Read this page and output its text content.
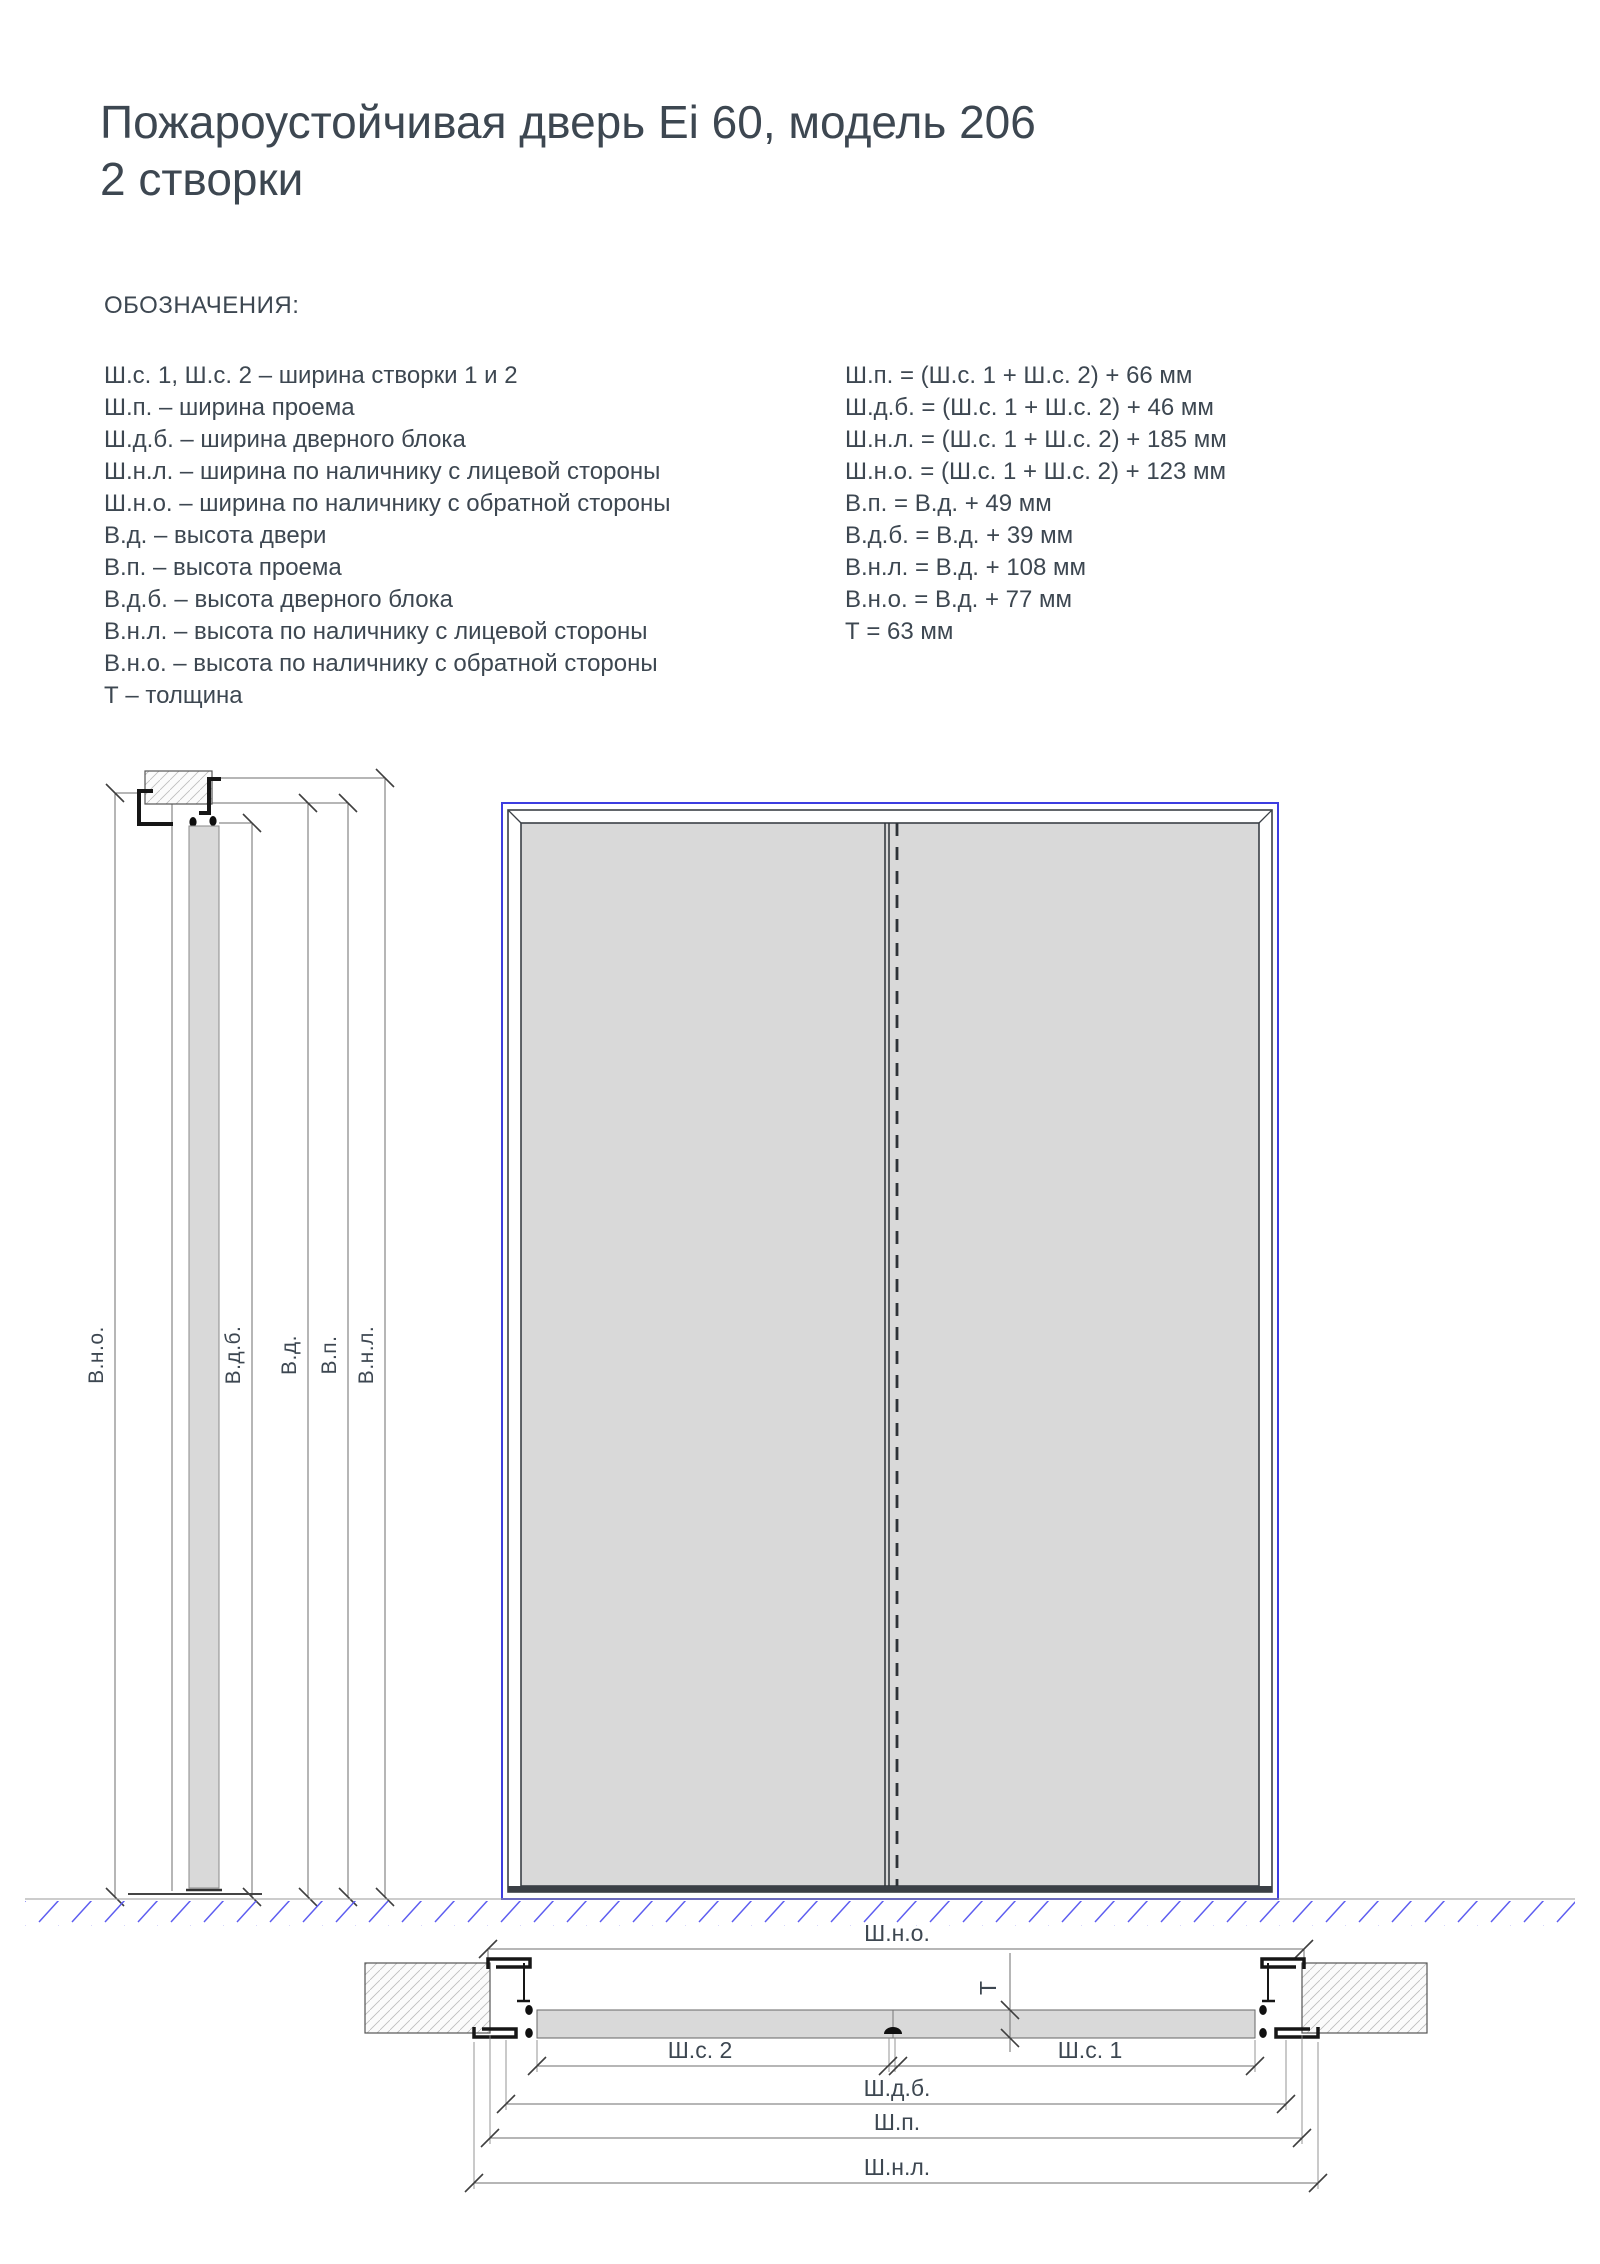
Пожароустойчивая дверь Ei 60, модель 206
2 створки
ОБОЗНАЧЕНИЯ:
Ш.с. 1, Ш.с. 2 – ширина створки 1 и 2
Ш.п. – ширина проема
Ш.д.б. – ширина дверного блока
Ш.н.л. – ширина по наличнику с лицевой стороны
Ш.н.о. – ширина по наличнику с обратной стороны
В.д. – высота двери
В.п. – высота проема
В.д.б. – высота дверного блока
В.н.л. – высота по наличнику с лицевой стороны
В.н.о. – высота по наличнику с обратной стороны
Т – толщина
Ш.п. = (Ш.с. 1 + Ш.с. 2) + 66 мм
Ш.д.б. = (Ш.с. 1 + Ш.с. 2) + 46 мм
Ш.н.л. = (Ш.с. 1 + Ш.с. 2) + 185 мм
Ш.н.о. = (Ш.с. 1 + Ш.с. 2) + 123 мм
В.п. = В.д. + 49 мм
В.д.б. = В.д. + 39 мм
В.н.л. = В.д. + 108 мм
В.н.о. = В.д. + 77 мм
Т = 63 мм
В.н.о.	В.д.б. В.д. В.п. В.н.л.
Ш.н.о.
Т
Ш.с. 2	Ш.с. 1
Ш.д.б.
Ш.п.
Ш.н.л.
